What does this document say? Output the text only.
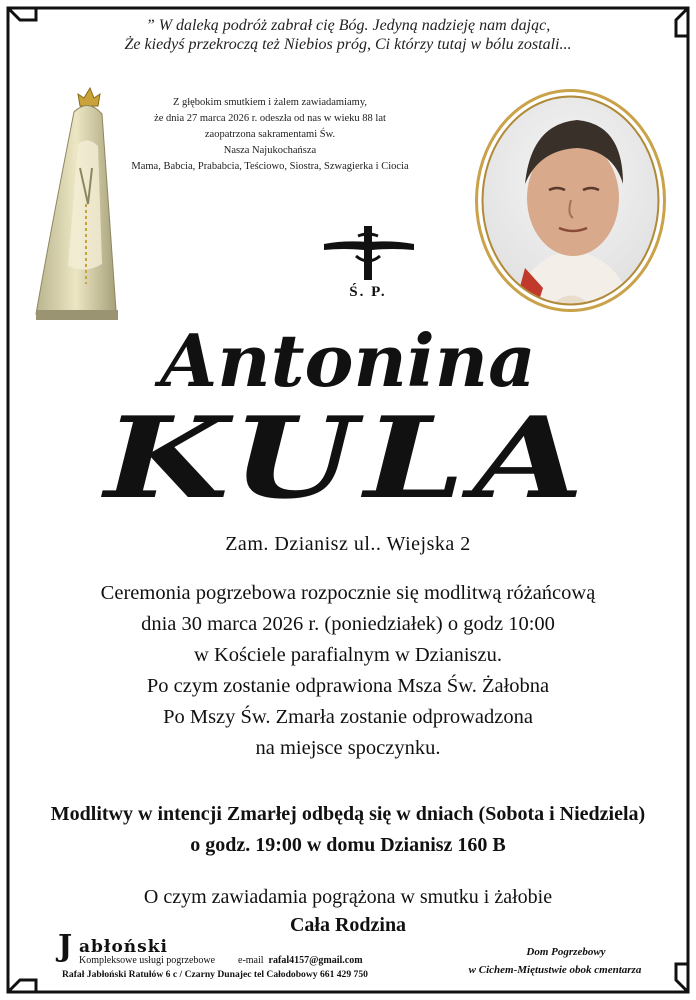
” W daleką podróż zabrał cię Bóg. Jedyną nadzieję nam dając,
Że kiedyś przekroczą też Niebios próg, Ci którzy tutaj w bólu zostali...
Z głębokim smutkiem i żalem zawiadamiamy,
że dnia 27 marca 2026 r. odeszła od nas w wieku 88 lat
zaopatrzona sakramentami Św.
Nasza Najukochańsza
Mama, Babcia, Prababcia, Teściowo, Siostra, Szwagierka i Ciocia
Ś. P.
Antonina
KULA
Zam. Dzianisz ul.. Wiejska 2
Ceremonia pogrzebowa rozpocznie się modlitwą różańcową
dnia 30 marca 2026 r. (poniedziałek) o godz 10:00
w Kościele parafialnym w Dzianiszu.
Po czym zostanie odprawiona Msza Św. Żałobna
Po Mszy Św. Zmarła zostanie odprowadzona
na miejsce spoczynku.
Modlitwy w intencji Zmarłej odbędą się w dniach (Sobota i Niedziela)
o godz. 19:00 w domu Dzianisz 160 B
O czym zawiadamia pogrążona w smutku i żałobie
Cała Rodzina
J abłoński
Kompleksowe usługi pogrzebowe e-mail rafal4157@gmail.com
Rafał Jabłoński Ratułów 6 c / Czarny Dunajec tel Całodobowy 661 429 750
Dom Pogrzebowy
w Cichem-Miętustwie obok cmentarza
